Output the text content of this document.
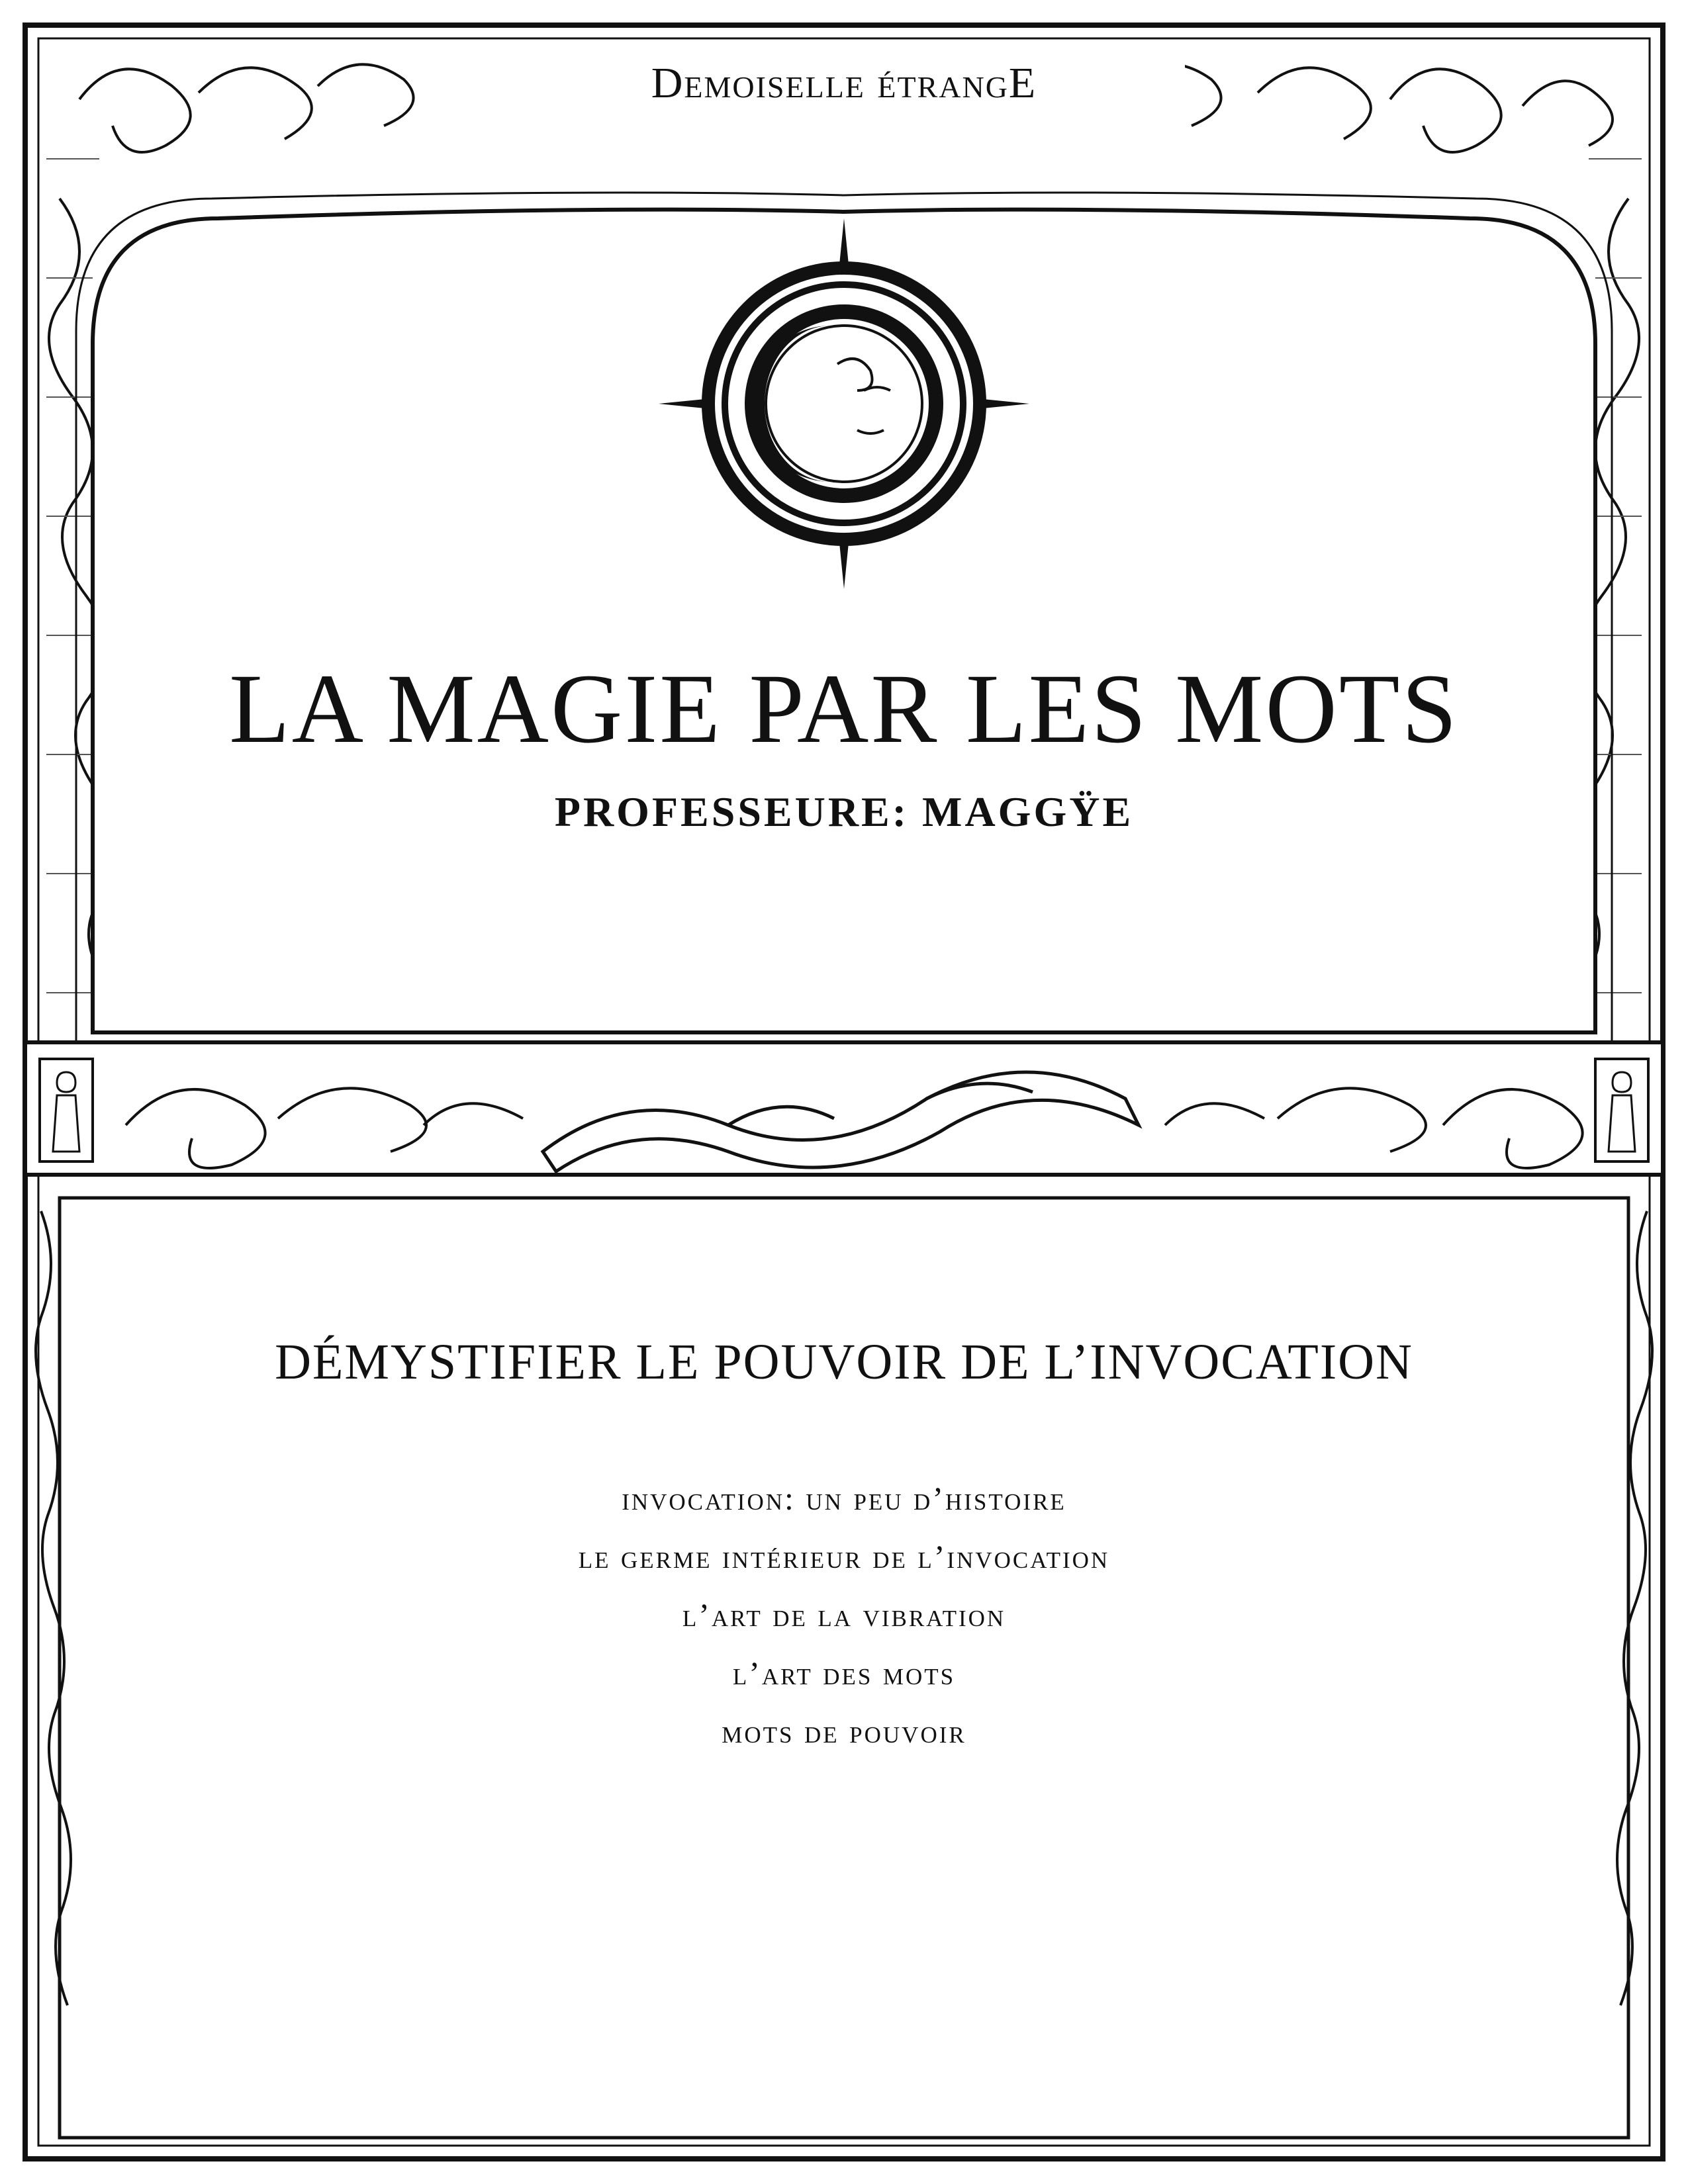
Demoiselle étrangE
LA MAGIE PAR LES MOTS
PROFESSEURE: MAGGŸE
DÉMYSTIFIER LE POUVOIR DE L’INVOCATION
invocation: un peu d’histoire
le germe intérieur de l’invocation
l’art de la vibration
l’art des mots
mots de pouvoir
